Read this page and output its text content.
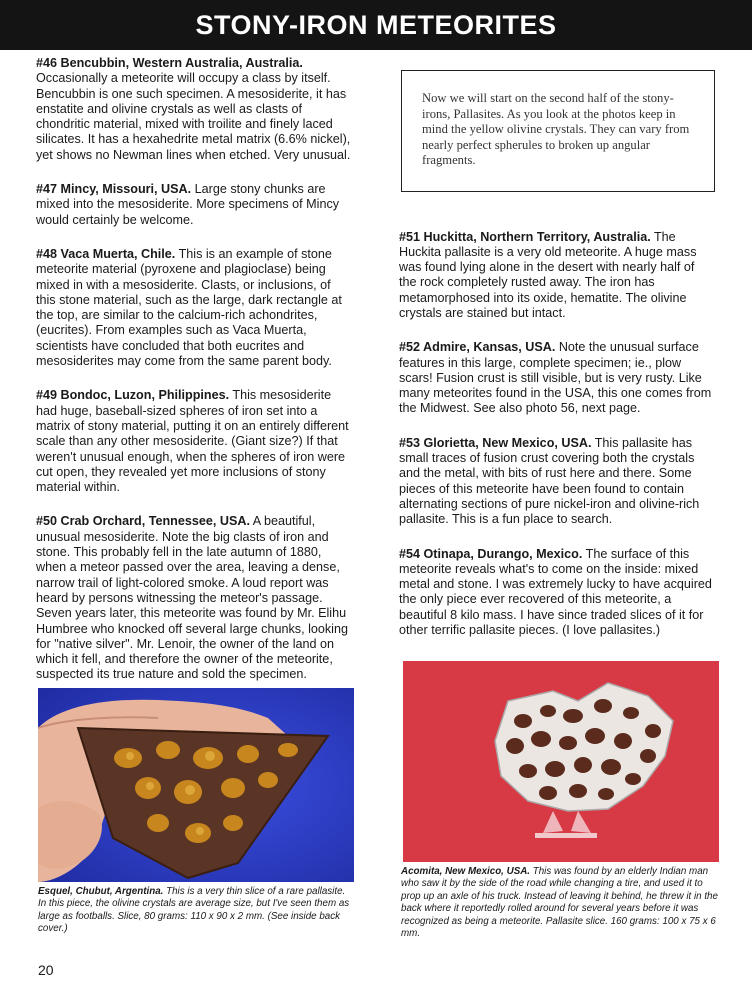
STONY-IRON METEORITES
#46 Bencubbin, Western Australia, Australia. Occasionally a meteorite will occupy a class by itself. Bencubbin is one such specimen. A mesosiderite, it has enstatite and olivine crystals as well as clasts of chondritic material, mixed with troilite and finely laced silicates. It has a hexahedrite metal matrix (6.6% nickel), yet shows no Newman lines when etched. Very unusual.
#47 Mincy, Missouri, USA. Large stony chunks are mixed into the mesosiderite. More specimens of Mincy would certainly be welcome.
#48 Vaca Muerta, Chile. This is an example of stone meteorite material (pyroxene and plagioclase) being mixed in with a mesosiderite. Clasts, or inclusions, of this stone material, such as the large, dark rectangle at the top, are similar to the calcium-rich achondrites, (eucrites). From examples such as Vaca Muerta, scientists have concluded that both eucrites and mesosiderites may come from the same parent body.
#49 Bondoc, Luzon, Philippines. This mesosiderite had huge, baseball-sized spheres of iron set into a matrix of stony material, putting it on an entirely different scale than any other mesosiderite. (Giant size?) If that weren't unusual enough, when the spheres of iron were cut open, they revealed yet more inclusions of stony material within.
#50 Crab Orchard, Tennessee, USA. A beautiful, unusual mesosiderite. Note the big clasts of iron and stone. This probably fell in the late autumn of 1880, when a meteor passed over the area, leaving a dense, narrow trail of light-colored smoke. A loud report was heard by persons witnessing the meteor's passage. Seven years later, this meteorite was found by Mr. Elihu Humbree who knocked off several large chunks, looking for "native silver". Mr. Lenoir, the owner of the land on which it fell, and therefore the owner of the meteorite, suspected its true nature and sold the specimen.
Now we will start on the second half of the stony-irons, Pallasites. As you look at the photos keep in mind the yellow olivine crystals. They can vary from nearly perfect spherules to broken up angular fragments.
#51 Huckitta, Northern Territory, Australia. The Huckita pallasite is a very old meteorite. A huge mass was found lying alone in the desert with nearly half of the rock completely rusted away. The iron has metamorphosed into its oxide, hematite. The olivine crystals are stained but intact.
#52 Admire, Kansas, USA. Note the unusual surface features in this large, complete specimen; ie., plow scars! Fusion crust is still visible, but is very rusty. Like many meteorites found in the USA, this one comes from the Midwest. See also photo 56, next page.
#53 Glorietta, New Mexico, USA. This pallasite has small traces of fusion crust covering both the crystals and the metal, with bits of rust here and there. Some pieces of this meteorite have been found to contain alternating sections of pure nickel-iron and olivine-rich pallasite. This is a fun place to search.
#54 Otinapa, Durango, Mexico. The surface of this meteorite reveals what's to come on the inside: mixed metal and stone. I was extremely lucky to have acquired the only piece ever recovered of this meteorite, a beautiful 8 kilo mass. I have since traded slices of it for other terrific pallasite pieces. (I love pallasites.)
Esquel, Chubut, Argentina. This is a very thin slice of a rare pallasite. In this piece, the olivine crystals are average size, but I've seen them as large as footballs. Slice, 80 grams: 110 x 90 x 2 mm. (See inside back cover.)
Acomita, New Mexico, USA. This was found by an elderly Indian man who saw it by the side of the road while changing a tire, and used it to prop up an axle of his truck. Instead of leaving it behind, he threw it in the back where it reportedly rolled around for several years before it was recognized as being a meteorite. Pallasite slice. 160 grams: 100 x 75 x 6 mm.
20
